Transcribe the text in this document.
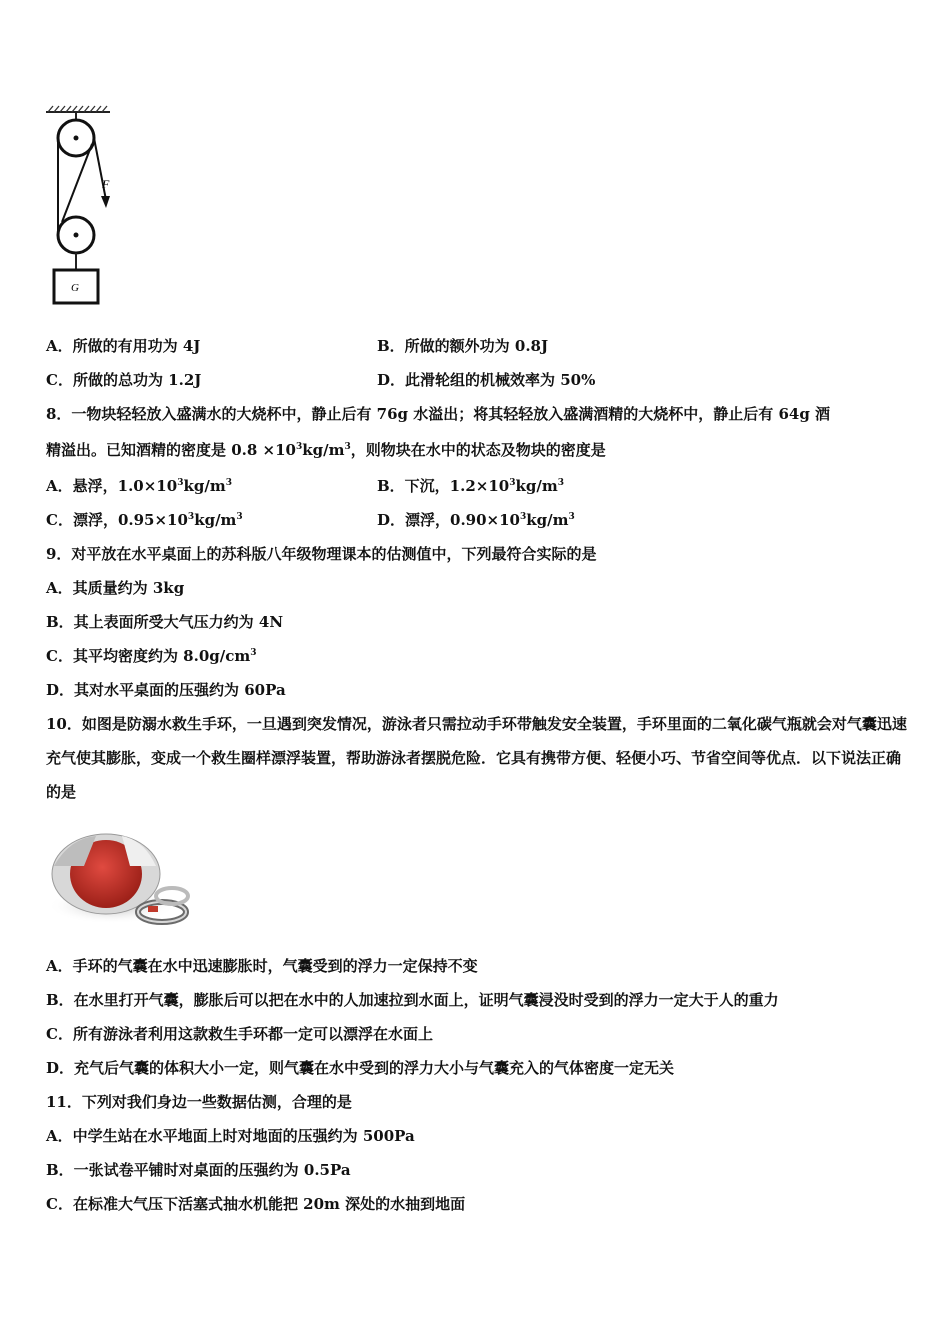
F
G
A．所做的有用功为 4J	B．所做的额外功为 0.8J
C．所做的总功为 1.2J	D．此滑轮组的机械效率为 50%
8．一物块轻轻放入盛满水的大烧杯中，静止后有 76g 水溢出；将其轻轻放入盛满酒精的大烧杯中，静止后有 64g 酒
精溢出。已知酒精的密度是 $0.8 \times 10^3kg/m^3$，则物块在水中的状态及物块的密度是
A．悬浮，$1.0\times 10^3kg/m^3$	B．下沉，$1.2\times 10^3kg/m^3$
C．漂浮，$0.95\times 10^3kg/m^3$	D．漂浮，$0.90\times 10^3kg/m^3$
9．对平放在水平桌面上的苏科版八年级物理课本的估测值中，下列最符合实际的是
A．其质量约为 3kg
B．其上表面所受大气压力约为 4N
C．其平均密度约为 $8.0g/cm^3$
D．其对水平桌面的压强约为 60Pa
10．如图是防溺水救生手环，一旦遇到突发情况，游泳者只需拉动手环带触发安全装置，手环里面的二氧化碳气瓶就会对气囊迅速充气使其膨胀，变成一个救生圈样漂浮装置，帮助游泳者摆脱危险．它具有携带方便、轻便小巧、节省空间等优点．以下说法正确的是
A．手环的气囊在水中迅速膨胀时，气囊受到的浮力一定保持不变
B．在水里打开气囊，膨胀后可以把在水中的人加速拉到水面上，证明气囊浸没时受到的浮力一定大于人的重力
C．所有游泳者利用这款救生手环都一定可以漂浮在水面上
D．充气后气囊的体积大小一定，则气囊在水中受到的浮力大小与气囊充入的气体密度一定无关
11．下列对我们身边一些数据估测，合理的是
A．中学生站在水平地面上时对地面的压强约为 500Pa
B．一张试卷平铺时对桌面的压强约为 0.5Pa
C．在标准大气压下活塞式抽水机能把 20m 深处的水抽到地面
